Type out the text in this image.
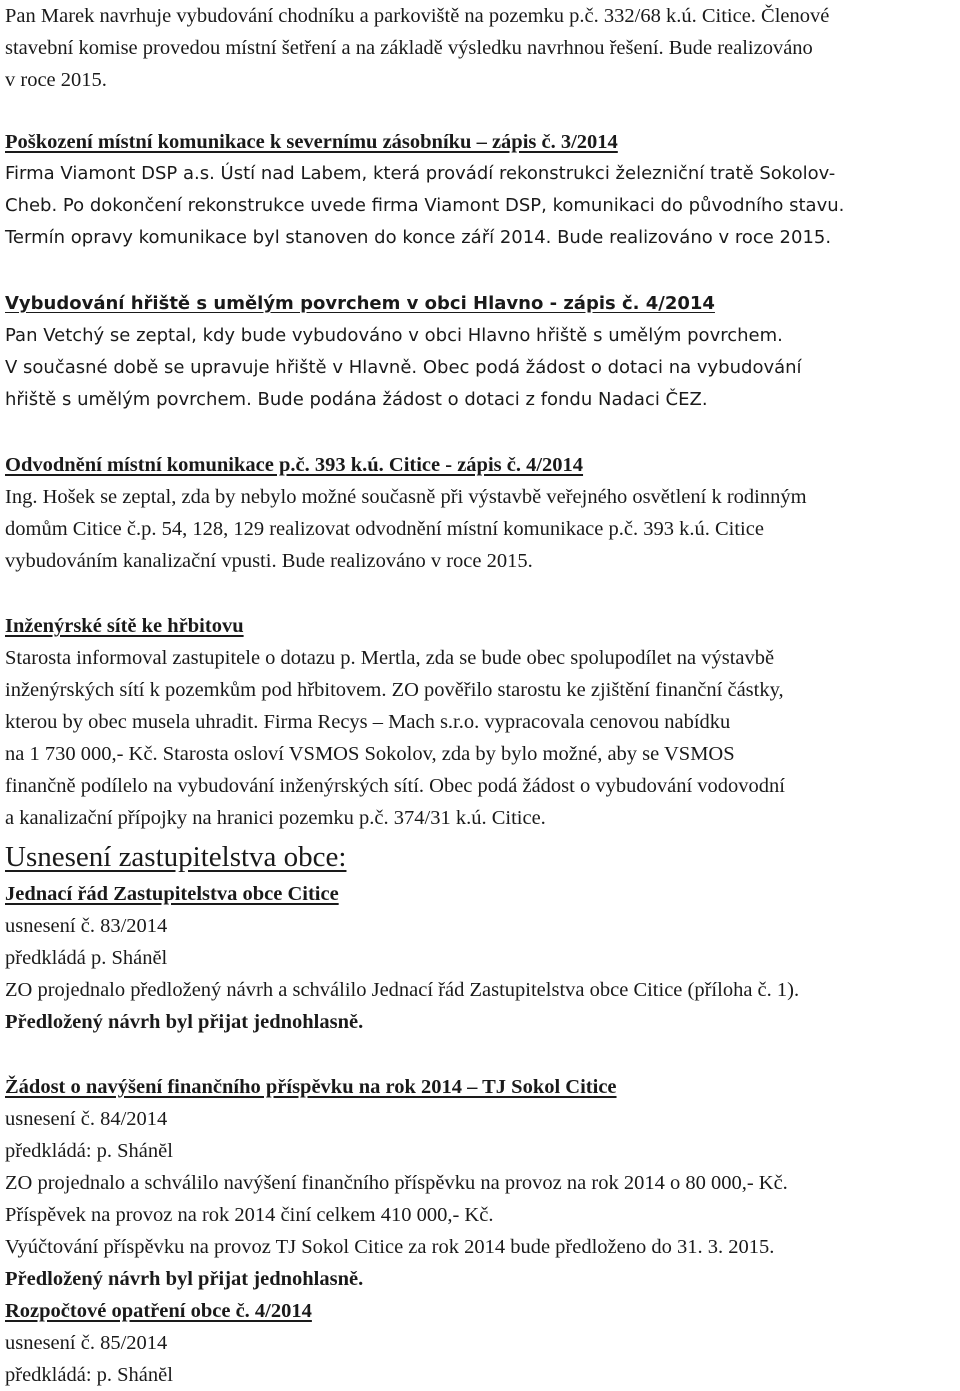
Pan Marek navrhuje vybudování chodníku a parkoviště na pozemku p.č. 332/68 k.ú. Citice. Členové
stavební komise provedou místní šetření a na základě výsledku navrhnou řešení. Bude realizováno
v roce 2015.
Poškození místní komunikace k severnímu zásobníku – zápis č. 3/2014
Firma Viamont DSP a.s. Ústí nad Labem, která provádí rekonstrukci železniční tratě Sokolov-
Cheb. Po dokončení rekonstrukce uvede firma Viamont DSP, komunikaci do původního stavu.
Termín opravy komunikace byl stanoven do konce září 2014. Bude realizováno v roce 2015.
Vybudování hřiště s umělým povrchem v obci Hlavno - zápis č. 4/2014
Pan Vetchý se zeptal, kdy bude vybudováno v obci Hlavno hřiště s umělým povrchem.
V současné době se upravuje hřiště v Hlavně. Obec podá žádost o dotaci na vybudování
hřiště s umělým povrchem. Bude podána žádost o dotaci z fondu Nadaci ČEZ.
Odvodnění místní komunikace p.č. 393 k.ú. Citice - zápis č. 4/2014
Ing. Hošek se zeptal, zda by nebylo možné současně při výstavbě veřejného osvětlení k rodinným
domům Citice č.p. 54, 128, 129 realizovat odvodnění místní komunikace p.č. 393 k.ú. Citice
vybudováním kanalizační vpusti. Bude realizováno v roce 2015.
Inženýrské sítě ke hřbitovu
Starosta informoval zastupitele o dotazu p. Mertla, zda se bude obec spolupodílet na výstavbě
inženýrských sítí k pozemkům pod hřbitovem. ZO pověřilo starostu ke zjištění finanční částky,
kterou by obec musela uhradit. Firma Recys – Mach s.r.o. vypracovala cenovou nabídku
na 1 730 000,- Kč. Starosta osloví VSMOS Sokolov, zda by bylo možné, aby se VSMOS
finančně podílelo na vybudování inženýrských sítí. Obec podá žádost o vybudování vodovodní
a kanalizační přípojky na hranici pozemku p.č. 374/31 k.ú. Citice.
Usnesení zastupitelstva obce:
Jednací řád Zastupitelstva obce Citice
usnesení č. 83/2014
předkládá p. Shánĕl
ZO projednalo předložený návrh a schválilo Jednací řád Zastupitelstva obce Citice (příloha č. 1).
Předložený návrh byl přijat jednohlasně.
Žádost o navýšení finančního příspěvku na rok 2014 – TJ Sokol Citice
usnesení č. 84/2014
předkládá: p. Shánĕl
ZO projednalo a schválilo navýšení finančního příspěvku na provoz na rok 2014 o 80 000,- Kč.
Příspěvek na provoz na rok 2014 činí celkem 410 000,- Kč.
Vyúčtování příspěvku na provoz TJ Sokol Citice za rok 2014 bude předloženo do 31. 3. 2015.
Předložený návrh byl přijat jednohlasně.
Rozpočtové opatření obce č. 4/2014
usnesení č. 85/2014
předkládá: p. Shánĕl
